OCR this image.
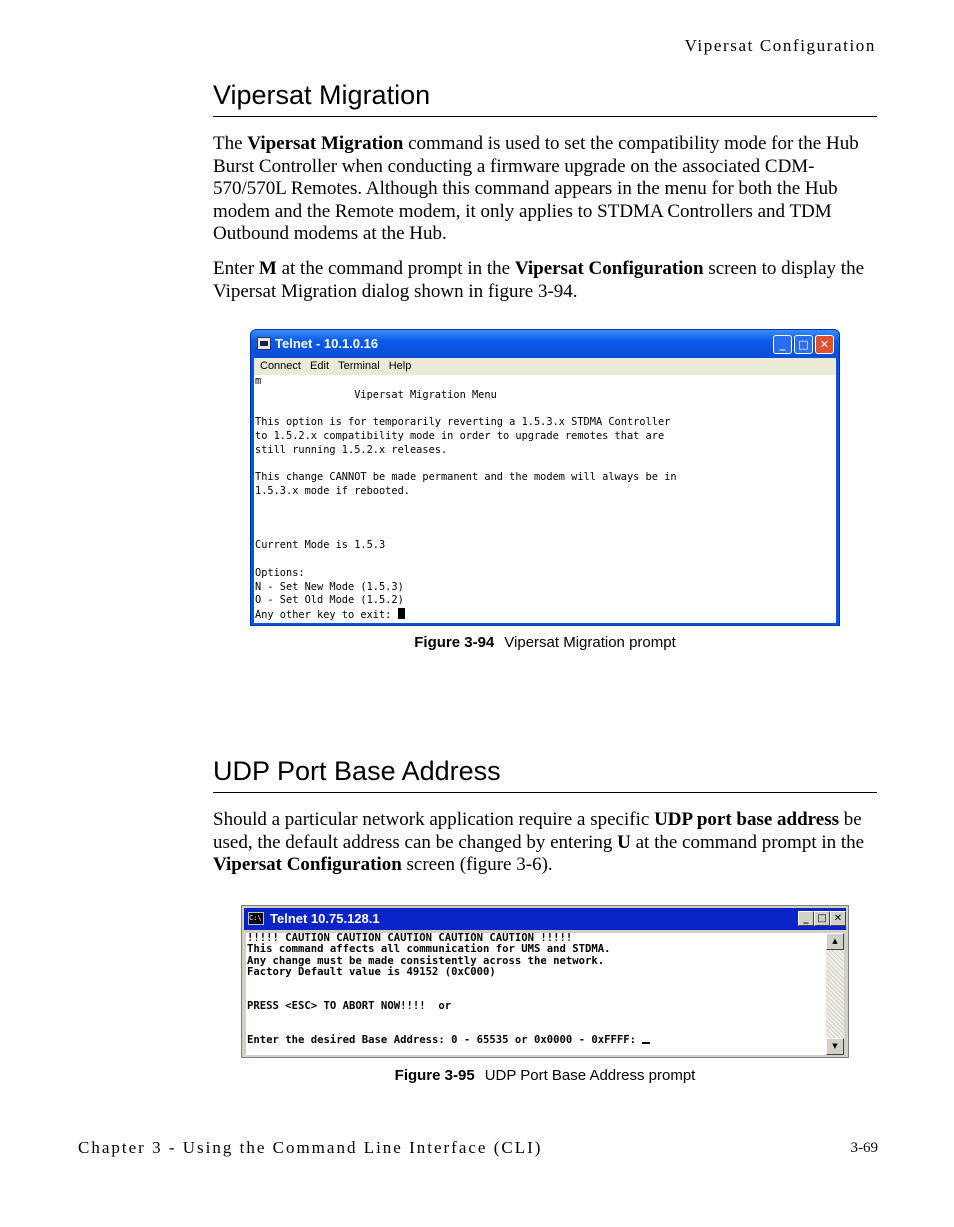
Vipersat Configuration
Vipersat Migration
The Vipersat Migration command is used to set the compatibility mode for the Hub Burst Controller when conducting a firmware upgrade on the associated CDM-570/570L Remotes. Although this command appears in the menu for both the Hub modem and the Remote modem, it only applies to STDMA Controllers and TDM Outbound modems at the Hub.
Enter M at the command prompt in the Vipersat Configuration screen to display the Vipersat Migration dialog shown in figure 3-94.
Telnet - 10.1.0.16	_	□	✕
Connect Edit Terminal Help
m
Vipersat Migration Menu

This option is for temporarily reverting a 1.5.3.x STDMA Controller
to 1.5.2.x compatibility mode in order to upgrade remotes that are
still running 1.5.2.x releases.

This change CANNOT be made permanent and the modem will always be in
1.5.3.x mode if rebooted.

Current Mode is 1.5.3

Options:
N - Set New Mode (1.5.3)
O - Set Old Mode (1.5.2)
Any other key to exit:
Figure 3-94 Vipersat Migration prompt
UDP Port Base Address
Should a particular network application require a specific UDP port base address be used, the default address can be changed by entering U at the command prompt in the Vipersat Configuration screen (figure 3-6).
C:\ Telnet 10.75.128.1	_ □ ✕
!!!!! CAUTION CAUTION CAUTION CAUTION CAUTION !!!!!
This command affects all communication for UMS and STDMA.
Any change must be made consistently across the network.
Factory Default value is 49152 (0xC000)

PRESS <ESC> TO ABORT NOW!!!!  or

Enter the desired Base Address: 0 - 65535 or 0x0000 - 0xFFFF:
▲
▼
Figure 3-95 UDP Port Base Address prompt
Chapter 3 - Using the Command Line Interface (CLI)	3-69
